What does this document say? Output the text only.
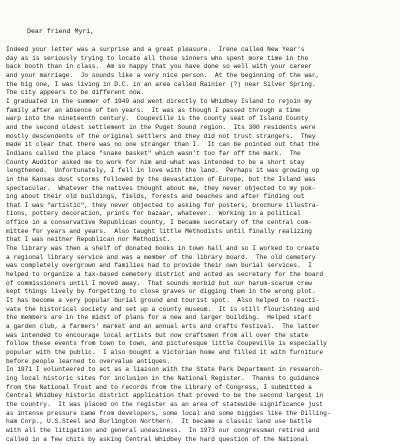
Dear friend Myri,
Indeed your letter was a surprise and a great pleasure.  Irene called New Year's
day as is seriously trying to locate all those sinners who spent more time in the
back booth than in class.  Am so happy that you have done so well with your career
and your marriage.  Jo sounds like a very nice person.  At the beginning of the war,
the big one, I was living in D.C. in an area called Rainier (?) near Silver Spring.
The city appears to be different now.
I graduated in the summer of 1949 and went directly to Whidbey Island to rejoin my
family after an absence of ten years.  It was as though I passed through a time
warp into the nineteenth century.  Coupeville is the county seat of Island County
and the second oldest settlement in the Puget Sound region.  Its 300 residents were
mostly descendents of the original settlers and they did not trust strangers.  They
made it clear that there was no one stranger than I.  It can be pointed out that the
Indians called the place "snake basket" which wasn't too far off the mark.  The
County Auditor asked me to work for him and what was intended to be a short stay
lengthened.  Unfortunately, I fell in love with the land.  Perhaps it was growing up
in the Kansas dust storms followed by the devastation of Europe, but the Island was
spectacular.  Whatever the natives thought about me, they never objected to my pok-
ing about their old buildings, fields, forests and beaches and after finding out
that I was "artistic", they never objected to asking for posters, brochure illustra-
tions, pottery decoration, prints for bazaar, whatever.  Working in a political
office in a conservative Republican county, I became secretary of the central com-
mittee for years and years.  Also taught little Methodists until finally realizing
that I was neither Republican nor Methodist.
The library was then a shelf of donated books in town hall and so I worked to create
a regional library service and was a member of the library board.  The old cemetery
was completely overgrown and families had to provide their own burial services.  I
helped to organize a tax-based cemetery district and acted as secretary for the board
of commissioners until I moved away.  That sounds morbid but our harum-scarum crew
kept things lively by forgetting to close graves or digging them in the wrong plot.
It has become a very popular burial ground and tourist spot.  Also helped to reacti-
vate the historical society and set up a county museum.  It is still flourishing and
the members are in the midst of plans for a new and larger building.  Helped start
a garden club, a farmers' market and an annual arts and crafts festival.  The latter
was intended to encourage local artists but now craftsmen from all over the state
follow these events from town to town, and picturesque little Coupeville is especially
popular with the public.  I also bought a Victorian home and filled it with furniture
before people learned to overvalue antiques.
In 1971 I volunteered to act as a liaison with the State Park Department in research-
ing local historic sites for inclusion in the National Register.  Thanks to guidance
from the National Trust and to records from the Library of Congress, I submitted a
Central Whidbey historic district application that proved to be the second largest in
the country.  It was placed on the register as an area of statewide significance just
as intense pressure came from developers, some local and some biggies like the Dilling-
ham Corp., U.S.Steel and Burlington Northern.  It became a classic land use battle
with all the litigation and general uneasiness.  In 1973 our congressman retired and
called in a few chits by asking Central Whidbey the hard question of the National
